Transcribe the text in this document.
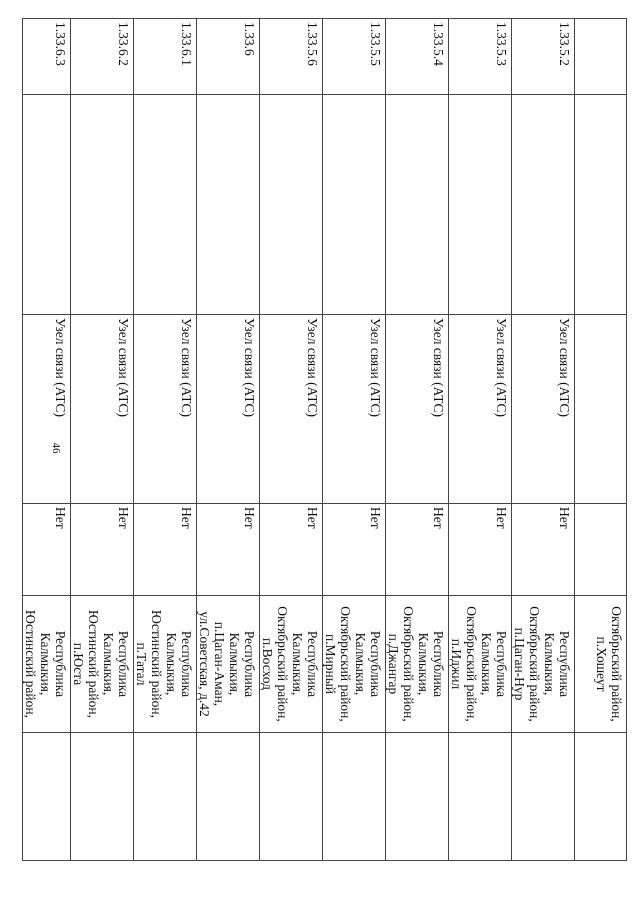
46

				Октябрьский район,
п.Хошеут	

1.33.5.2		Узел связи (АТС)	Нет	Республика Калмыкия,
Октябрьский район,
п.Цаган-Нур	

1.33.5.3		Узел связи (АТС)	Нет	Республика Калмыкия,
Октябрьский район,
п.Иджил	

1.33.5.4		Узел связи (АТС)	Нет	Республика Калмыкия,
Октябрьский район,
п.Джангар	

1.33.5.5		Узел связи (АТС)	Нет	Республика Калмыкия,
Октябрьский район,
п.Мирный	

1.33.5.6		Узел связи (АТС)	Нет	Республика Калмыкия,
Октябрьский район,
п.Восход	

1.33.6		Узел связи (АТС)	Нет	Республика Калмыкия,
п.Цаган-Аман,
ул.Советская, д.42	

1.33.6.1		Узел связи (АТС)	Нет	Республика Калмыкия,
Юстинский район,
п.Татал	

1.33.6.2		Узел связи (АТС)	Нет	Республика Калмыкия,
Юстинский район,
п.Юста	

1.33.6.3		Узел связи (АТС)	Нет	Республика Калмыкия,
Юстинский район,	
